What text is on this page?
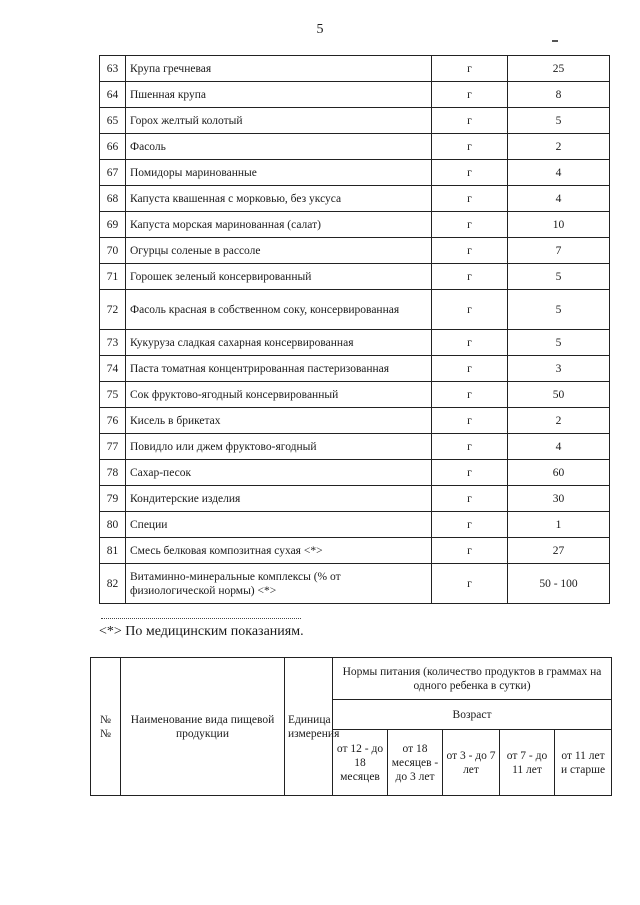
5
63	Крупа гречневая	г	25
64	Пшенная крупа	г	8
65	Горох желтый колотый	г	5
66	Фасоль	г	2
67	Помидоры маринованные	г	4
68	Капуста квашенная с морковью, без уксуса	г	4
69	Капуста морская маринованная (салат)	г	10
70	Огурцы соленые в рассоле	г	7
71	Горошек зеленый консервированный	г	5
72	Фасоль красная в собственном соку, консервированная	г	5
73	Кукуруза сладкая сахарная консервированная	г	5
74	Паста томатная концентрированная пастеризованная	г	3
75	Сок фруктово-ягодный консервированный	г	50
76	Кисель в брикетах	г	2
77	Повидло или джем фруктово-ягодный	г	4
78	Сахар-песок	г	60
79	Кондитерские изделия	г	30
80	Специи	г	1
81	Смесь белковая композитная сухая <*>	г	27
82	Витаминно-минеральные комплексы (% от физиологической нормы) <*>	г	50 - 100
<*> По медицинским показаниям.
№ №	Наименование вида пищевой продукции	Единица измерения	Нормы питания (количество продуктов в граммах на одного ребенка в сутки)				
			Возраст				
			от 12 - до 18 месяцев	от 18 месяцев - до 3 лет	от 3 - до 7 лет	от 7 - до 11 лет	от 11 лет и старше
